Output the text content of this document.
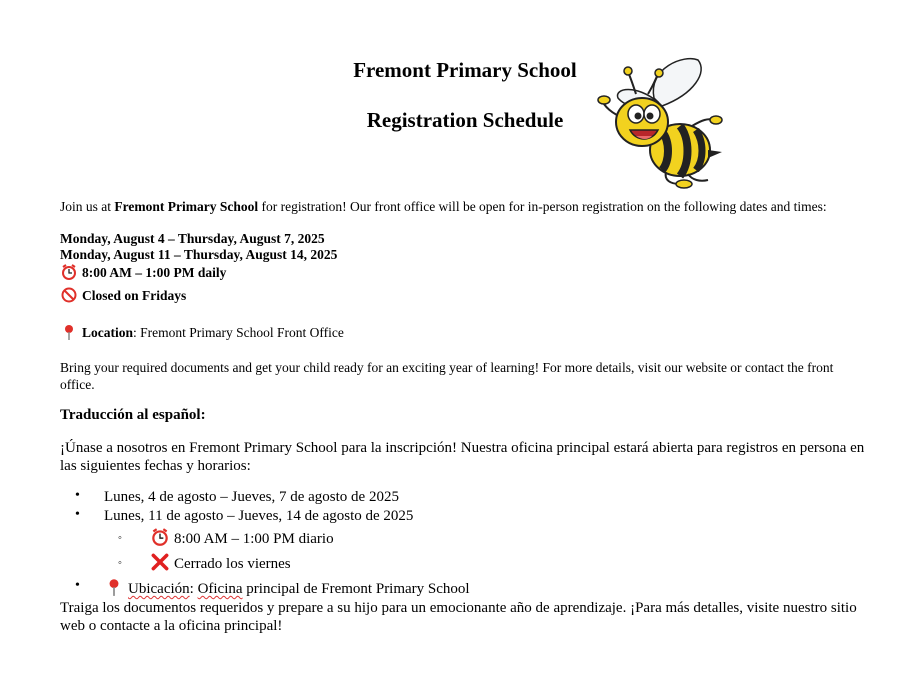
Fremont Primary School
Registration Schedule
Join us at Fremont Primary School for registration! Our front office will be open for in-person registration on the following dates and times:
Monday, August 4 – Thursday, August 7, 2025
Monday, August 11 – Thursday, August 14, 2025
8:00 AM – 1:00 PM daily
Closed on Fridays
Location: Fremont Primary School Front Office
Bring your required documents and get your child ready for an exciting year of learning! For more details, visit our website or contact the front
office.
Traducción al español:
¡Únase a nosotros en Fremont Primary School para la inscripción! Nuestra oficina principal estará abierta para registros en persona en
las siguientes fechas y horarios:
• Lunes, 4 de agosto – Jueves, 7 de agosto de 2025
• Lunes, 11 de agosto – Jueves, 14 de agosto de 2025
◦	8:00 AM – 1:00 PM diario
◦	Cerrado los viernes
•	Ubicación: Oficina principal de Fremont Primary School
Traiga los documentos requeridos y prepare a su hijo para un emocionante año de aprendizaje. ¡Para más detalles, visite nuestro sitio
web o contacte a la oficina principal!
